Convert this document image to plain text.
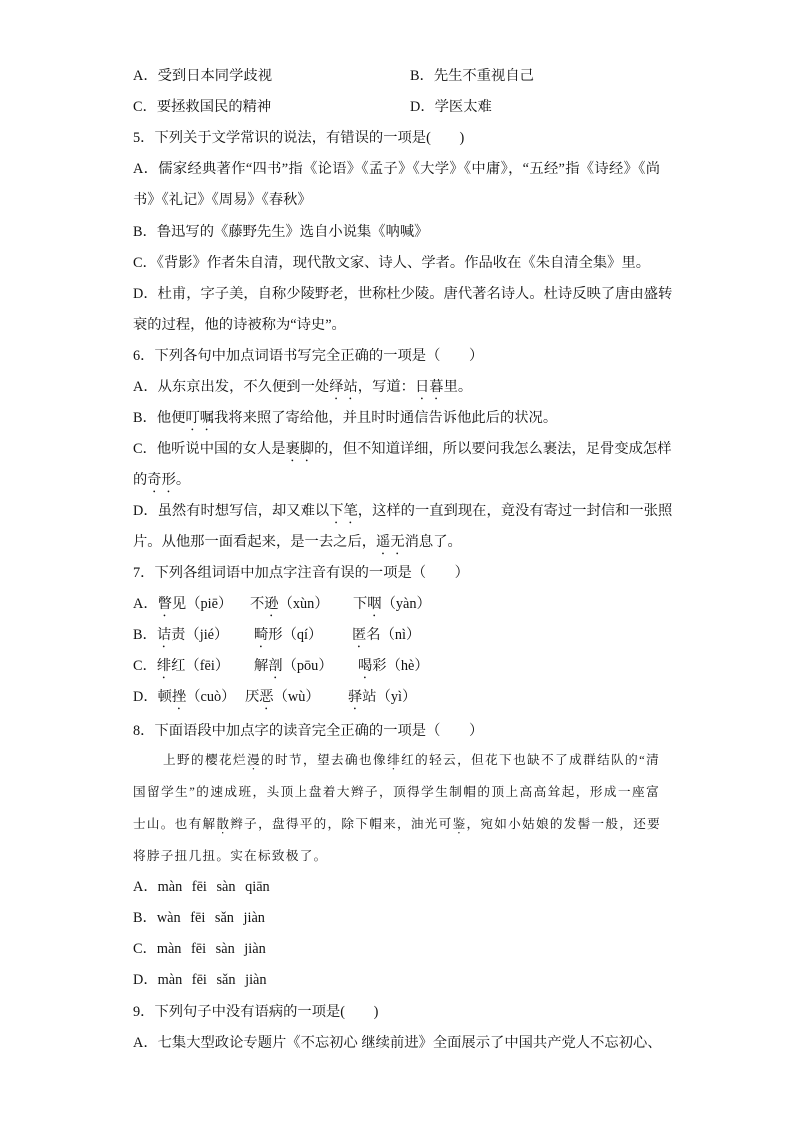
A．受到日本同学歧视	B．先生不重视自己
C．要拯救国民的精神	D．学医太难
5．下列关于文学常识的说法，有错误的一项是(　　)
A．儒家经典著作“四书”指《论语》《孟子》《大学》《中庸》，“五经”指《诗经》《尚
书》《礼记》《周易》《春秋》
B．鲁迅写的《藤野先生》选自小说集《呐喊》
C．《背影》作者朱自清，现代散文家、诗人、学者。作品收在《朱自清全集》里。
D．杜甫，字子美，自称少陵野老，世称杜少陵。唐代著名诗人。杜诗反映了唐由盛转
衰的过程，他的诗被称为“诗史”。
6．下列各句中加点词语书写完全正确的一项是（　　）
A．从东京出发，不久便到一处绎站，写道：日暮里。
B．他便叮嘱我将来照了寄给他，并且时时通信告诉他此后的状况。
C．他听说中国的女人是裹脚的，但不知道详细，所以要问我怎么裹法，足骨变成怎样
的奇形。
D．虽然有时想写信，却又难以下笔，这样的一直到现在，竟没有寄过一封信和一张照
片。从他那一面看起来，是一去之后，遥无消息了。
7．下列各组词语中加点字注音有误的一项是（　　）
A．瞥见（piē） 不逊（xùn） 下咽（yàn）
B．诘责（jié） 畸形（qí） 匿名（nì）
C．绯红（fēi） 解剖（pōu） 喝彩（hè）
D．顿挫（cuò） 厌恶（wù） 驿站（yì）
8．下面语段中加点字的读音完全正确的一项是（　　）
上野的樱花烂漫的时节，望去确也像绯红的轻云，但花下也缺不了成群结队的“清
国留学生”的速成班，头顶上盘着大辫子，顶得学生制帽的顶上高高耸起，形成一座富
士山。也有解散辫子，盘得平的，除下帽来，油光可鉴，宛如小姑娘的发髻一般，还要
将脖子扭几扭。实在标致极了。
A．màn fēi sàn qiān
B．wàn fēi sǎn jiàn
C．màn fēi sàn jiàn
D．màn fēi sǎn jiàn
9．下列句子中没有语病的一项是(　　)
A．七集大型政论专题片《不忘初心 继续前进》全面展示了中国共产党人不忘初心、
